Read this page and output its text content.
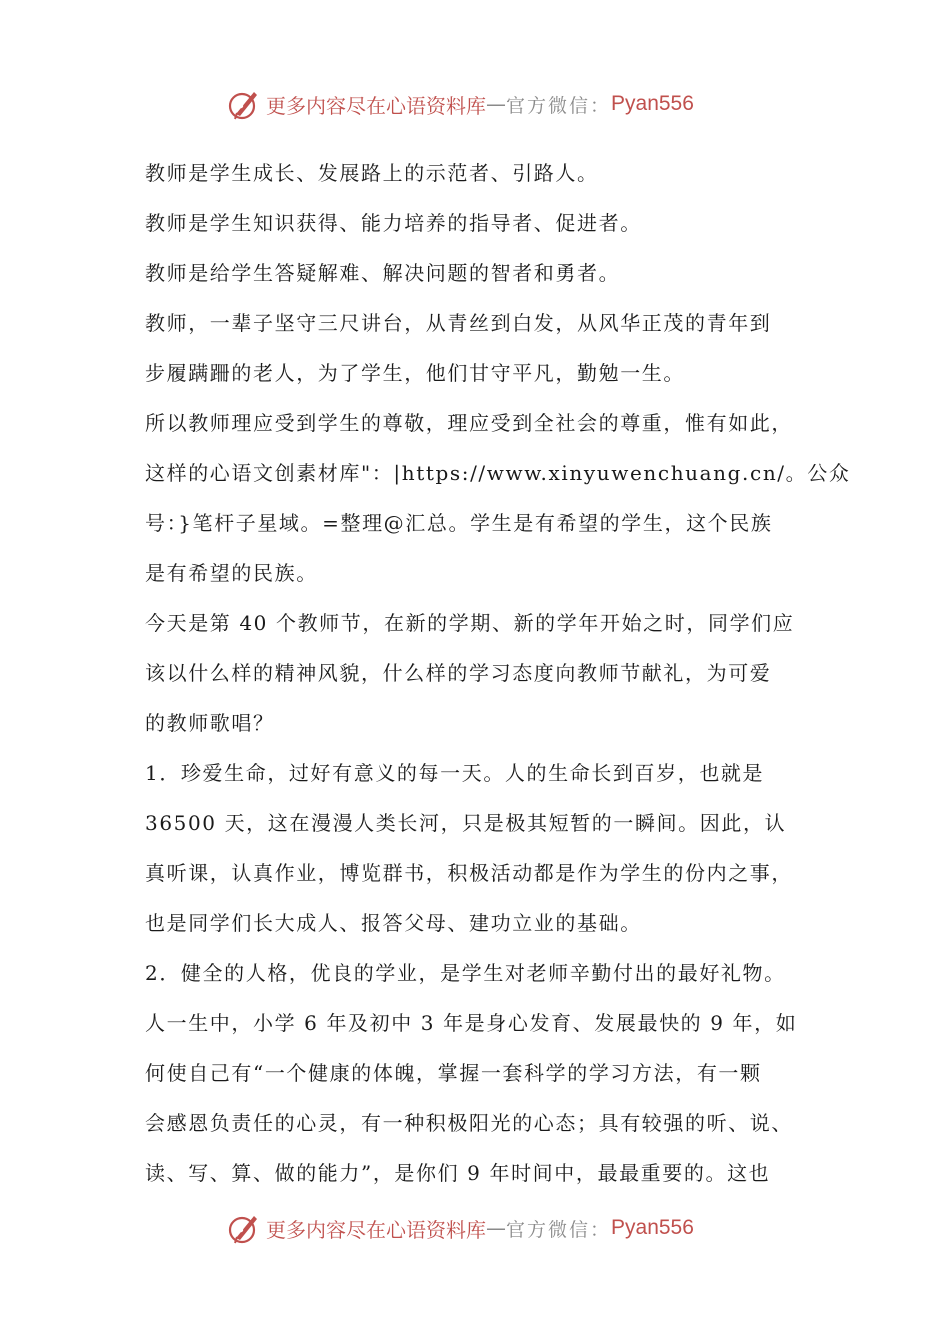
更多内容尽在心语资料库 — 官方微信： Pyan556
教师是学生成长、发展路上的示范者、引路人。
教师是学生知识获得、能力培养的指导者、促进者。
教师是给学生答疑解难、解决问题的智者和勇者。
教师，一辈子坚守三尺讲台，从青丝到白发，从风华正茂的青年到
步履蹒跚的老人，为了学生，他们甘守平凡，勤勉一生。
所以教师理应受到学生的尊敬，理应受到全社会的尊重，惟有如此，
这样的心语文创素材库"：|https://www.xinyuwenchuang.cn/。公众
号：}笔杆子星域。=整理@汇总。学生是有希望的学生，这个民族
是有希望的民族。
今天是第 40 个教师节，在新的学期、新的学年开始之时，同学们应
该以什么样的精神风貌，什么样的学习态度向教师节献礼，为可爱
的教师歌唱？
1．珍爱生命，过好有意义的每一天。人的生命长到百岁，也就是
36500 天，这在漫漫人类长河，只是极其短暂的一瞬间。因此，认
真听课，认真作业，博览群书，积极活动都是作为学生的份内之事，
也是同学们长大成人、报答父母、建功立业的基础。
2．健全的人格，优良的学业，是学生对老师辛勤付出的最好礼物。
人一生中，小学 6 年及初中 3 年是身心发育、发展最快的 9 年，如
何使自己有“一个健康的体魄，掌握一套科学的学习方法，有一颗
会感恩负责任的心灵，有一种积极阳光的心态；具有较强的听、说、
读、写、算、做的能力”，是你们 9 年时间中，最最重要的。这也
更多内容尽在心语资料库 — 官方微信： Pyan556
